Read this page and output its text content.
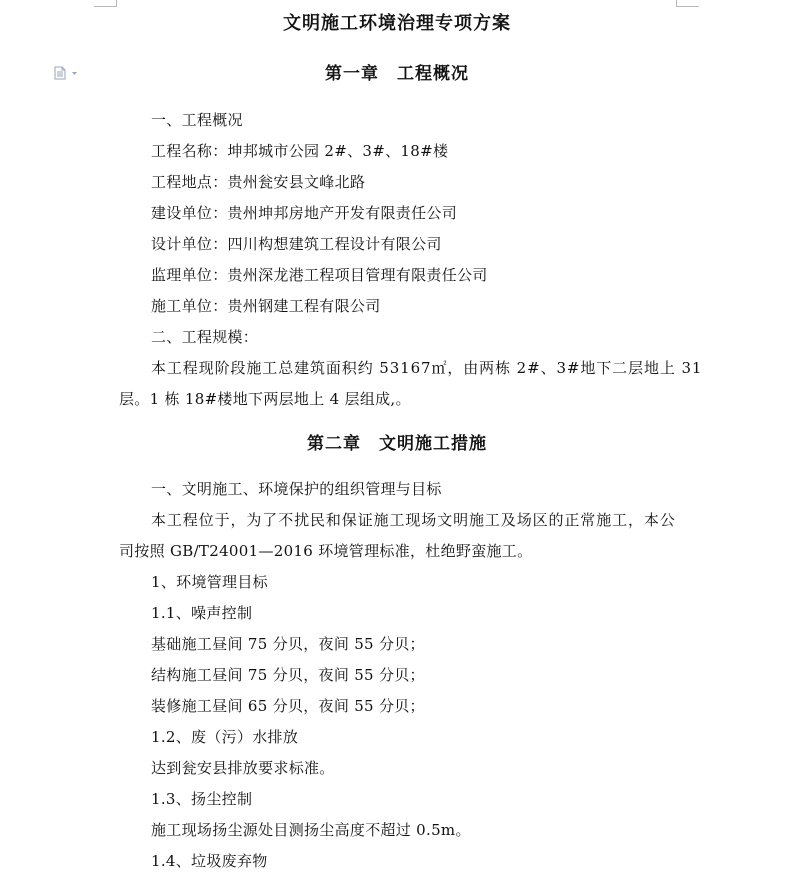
文明施工环境治理专项方案
第一章　工程概况
一、工程概况
工程名称：坤邦城市公园 2#、3#、18#楼
工程地点：贵州瓮安县文峰北路
建设单位：贵州坤邦房地产开发有限责任公司
设计单位：四川构想建筑工程设计有限公司
监理单位：贵州深龙港工程项目管理有限责任公司
施工单位：贵州钢建工程有限公司
二、工程规模：
本工程现阶段施工总建筑面积约 53167㎡，由两栋 2#、3#地下二层地上 31
层。1 栋 18#楼地下两层地上 4 层组成,。
第二章　文明施工措施
一、文明施工、环境保护的组织管理与目标
本工程位于，为了不扰民和保证施工现场文明施工及场区的正常施工，本公
司按照 GB/T24001—2016 环境管理标准，杜绝野蛮施工。
1、环境管理目标
1.1、噪声控制
基础施工昼间 75 分贝，夜间 55 分贝；
结构施工昼间 75 分贝，夜间 55 分贝；
装修施工昼间 65 分贝，夜间 55 分贝；
1.2、废（污）水排放
达到瓮安县排放要求标准。
1.3、扬尘控制
施工现场扬尘源处目测扬尘高度不超过 0.5m。
1.4、垃圾废弃物
